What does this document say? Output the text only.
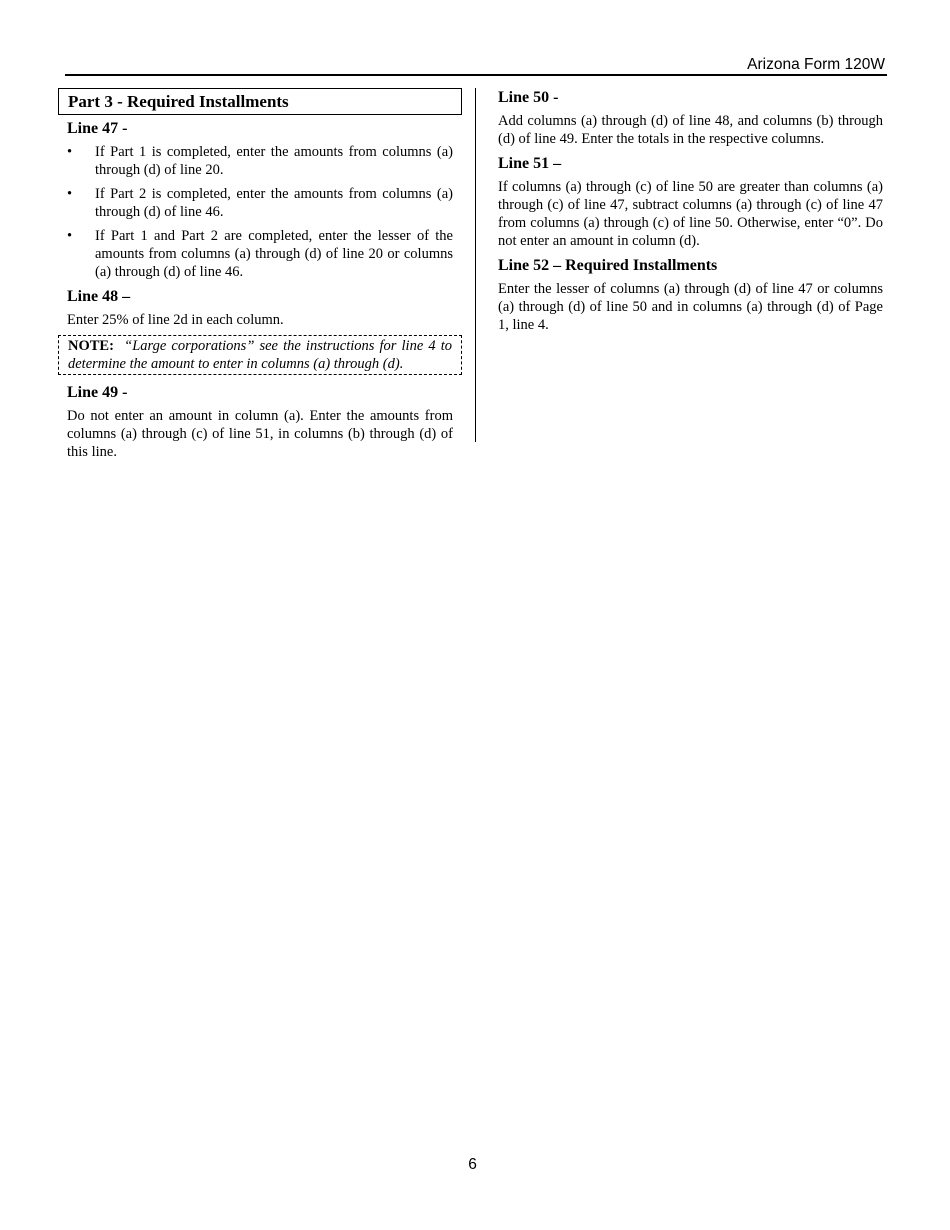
Arizona Form 120W
Part 3 - Required Installments
Line 47 -
• If Part 1 is completed, enter the amounts from columns (a) through (d) of line 20.
• If Part 2 is completed, enter the amounts from columns (a) through (d) of line 46.
• If Part 1 and Part 2 are completed, enter the lesser of the amounts from columns (a) through (d) of line 20 or columns (a) through (d) of line 46.
Line 48 –
Enter 25% of line 2d in each column.
NOTE: “Large corporations” see the instructions for line 4 to determine the amount to enter in columns (a) through (d).
Line 49 -
Do not enter an amount in column (a). Enter the amounts from columns (a) through (c) of line 51, in columns (b) through (d) of this line.
Line 50 -
Add columns (a) through (d) of line 48, and columns (b) through (d) of line 49. Enter the totals in the respective columns.
Line 51 –
If columns (a) through (c) of line 50 are greater than columns (a) through (c) of line 47, subtract columns (a) through (c) of line 47 from columns (a) through (c) of line 50. Otherwise, enter “0”. Do not enter an amount in column (d).
Line 52 – Required Installments
Enter the lesser of columns (a) through (d) of line 47 or columns (a) through (d) of line 50 and in columns (a) through (d) of Page 1, line 4.
6
